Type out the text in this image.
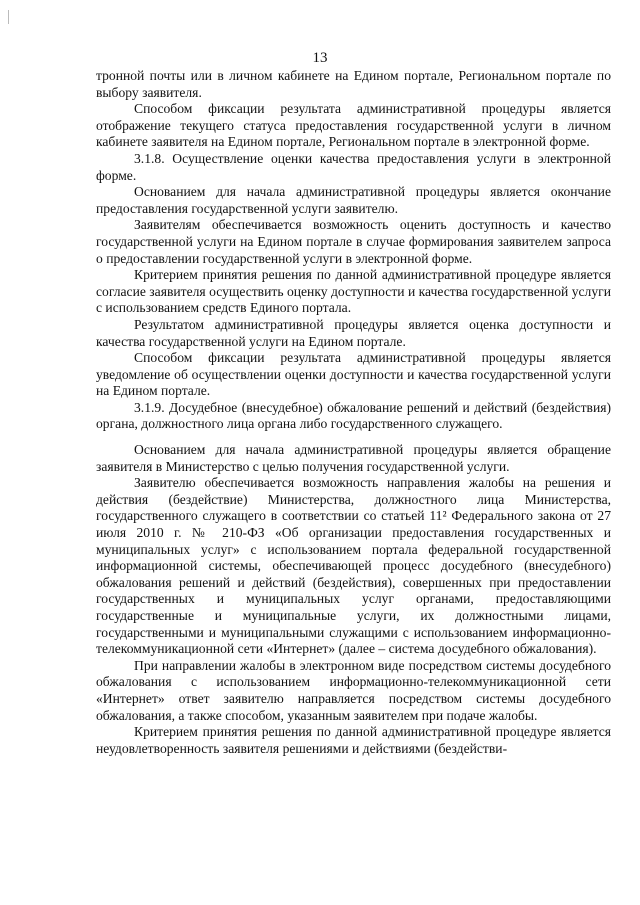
13

тронной почты или в личном кабинете на Едином портале, Региональном портале по выбору заявителя.

Способом фиксации результата административной процедуры является отображение текущего статуса предоставления государственной услуги в личном кабинете заявителя на Едином портале, Региональном портале в электронной форме.

3.1.8. Осуществление оценки качества предоставления услуги в электронной форме.

Основанием для начала административной процедуры является окончание предоставления государственной услуги заявителю.

Заявителям обеспечивается возможность оценить доступность и качество государственной услуги на Едином портале в случае формирования заявителем запроса о предоставлении государственной услуги в электронной форме.

Критерием принятия решения по данной административной процедуре является согласие заявителя осуществить оценку доступности и качества государственной услуги с использованием средств Единого портала.

Результатом административной процедуры является оценка доступности и качества государственной услуги на Едином портале.

Способом фиксации результата административной процедуры является уведомление об осуществлении оценки доступности и качества государственной услуги на Едином портале.

3.1.9. Досудебное (внесудебное) обжалование решений и действий (бездействия) органа, должностного лица органа либо государственного служащего.

Основанием для начала административной процедуры является обращение заявителя в Министерство с целью получения государственной услуги.

Заявителю обеспечивается возможность направления жалобы на решения и действия (бездействие) Министерства, должностного лица Министерства, государственного служащего в соответствии со статьей 11² Федерального закона от 27 июля 2010 г. № 210-ФЗ «Об организации предоставления государственных и муниципальных услуг» с использованием портала федеральной государственной информационной системы, обеспечивающей процесс досудебного (внесудебного) обжалования решений и действий (бездействия), совершенных при предоставлении государственных и муниципальных услуг органами, предоставляющими государственные и муниципальные услуги, их должностными лицами, государственными и муниципальными служащими с использованием информационно-телекоммуникационной сети «Интернет» (далее – система досудебного обжалования).

При направлении жалобы в электронном виде посредством системы досудебного обжалования с использованием информационно-телекоммуникационной сети «Интернет» ответ заявителю направляется посредством системы досудебного обжалования, а также способом, указанным заявителем при подаче жалобы.

Критерием принятия решения по данной административной процедуре является неудовлетворенность заявителя решениями и действиями (бездействи-
